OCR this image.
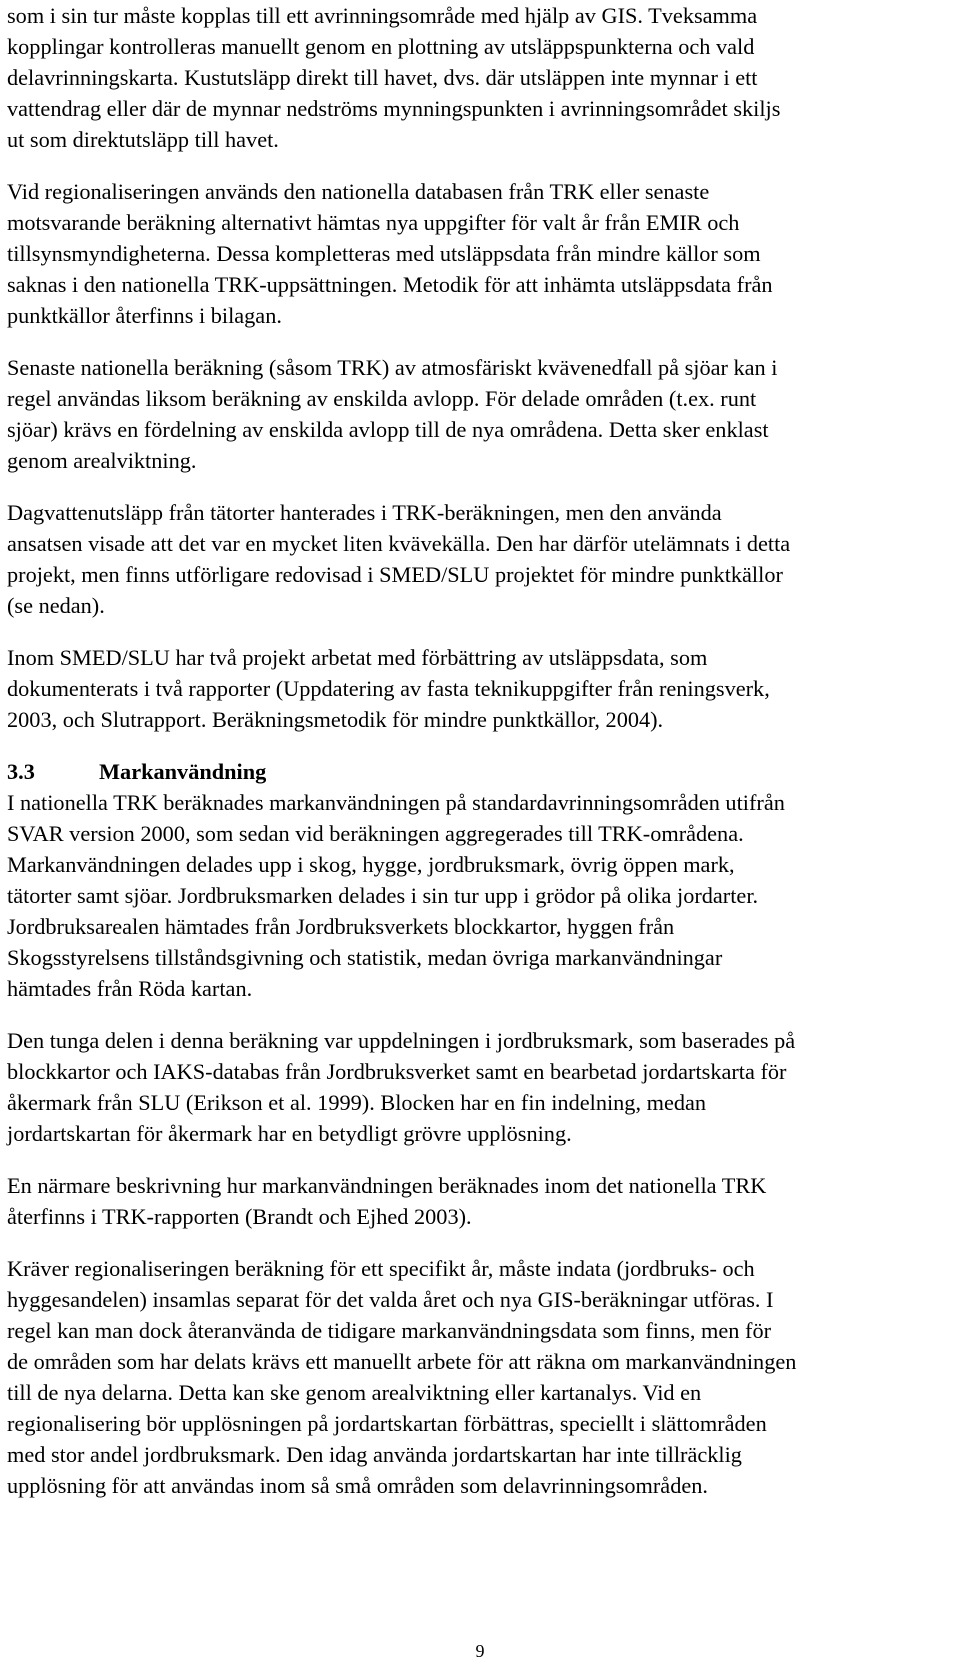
som i sin tur måste kopplas till ett avrinningsområde med hjälp av GIS. Tveksamma
kopplingar kontrolleras manuellt genom en plottning av utsläppspunkterna och vald
delavrinningskarta. Kustutsläpp direkt till havet, dvs. där utsläppen inte mynnar i ett
vattendrag eller där de mynnar nedströms mynningspunkten i avrinningsområdet skiljs
ut som direktutsläpp till havet.

Vid regionaliseringen används den nationella databasen från TRK eller senaste
motsvarande beräkning alternativt hämtas nya uppgifter för valt år från EMIR och
tillsynsmyndigheterna. Dessa kompletteras med utsläppsdata från mindre källor som
saknas i den nationella TRK-uppsättningen. Metodik för att inhämta utsläppsdata från
punktkällor återfinns i bilagan.

Senaste nationella beräkning (såsom TRK) av atmosfäriskt kvävenedfall på sjöar kan i
regel användas liksom beräkning av enskilda avlopp. För delade områden (t.ex. runt
sjöar) krävs en fördelning av enskilda avlopp till de nya områdena. Detta sker enklast
genom arealviktning.

Dagvattenutsläpp från tätorter hanterades i TRK-beräkningen, men den använda
ansatsen visade att det var en mycket liten kvävekälla. Den har därför utelämnats i detta
projekt, men finns utförligare redovisad i SMED/SLU projektet för mindre punktkällor
(se nedan).

Inom SMED/SLU har två projekt arbetat med förbättring av utsläppsdata, som
dokumenterats i två rapporter (Uppdatering av fasta teknikuppgifter från reningsverk,
2003, och Slutrapport. Beräkningsmetodik för mindre punktkällor, 2004).

3.3	Markanvändning

I nationella TRK beräknades markanvändningen på standardavrinningsområden utifrån
SVAR version 2000, som sedan vid beräkningen aggregerades till TRK-områdena.
Markanvändningen delades upp i skog, hygge, jordbruksmark, övrig öppen mark,
tätorter samt sjöar. Jordbruksmarken delades i sin tur upp i grödor på olika jordarter.
Jordbruksarealen hämtades från Jordbruksverkets blockkartor, hyggen från
Skogsstyrelsens tillståndsgivning och statistik, medan övriga markanvändningar
hämtades från Röda kartan.

Den tunga delen i denna beräkning var uppdelningen i jordbruksmark, som baserades på
blockkartor och IAKS-databas från Jordbruksverket samt en bearbetad jordartskarta för
åkermark från SLU (Erikson et al. 1999). Blocken har en fin indelning, medan
jordartskartan för åkermark har en betydligt grövre upplösning.

En närmare beskrivning hur markanvändningen beräknades inom det nationella TRK
återfinns i TRK-rapporten (Brandt och Ejhed 2003).

Kräver regionaliseringen beräkning för ett specifikt år, måste indata (jordbruks- och
hyggesandelen) insamlas separat för det valda året och nya GIS-beräkningar utföras. I
regel kan man dock återanvända de tidigare markanvändningsdata som finns, men för
de områden som har delats krävs ett manuellt arbete för att räkna om markanvändningen
till de nya delarna. Detta kan ske genom arealviktning eller kartanalys. Vid en
regionalisering bör upplösningen på jordartskartan förbättras, speciellt i slättområden
med stor andel jordbruksmark. Den idag använda jordartskartan har inte tillräcklig
upplösning för att användas inom så små områden som delavrinningsområden.

9
